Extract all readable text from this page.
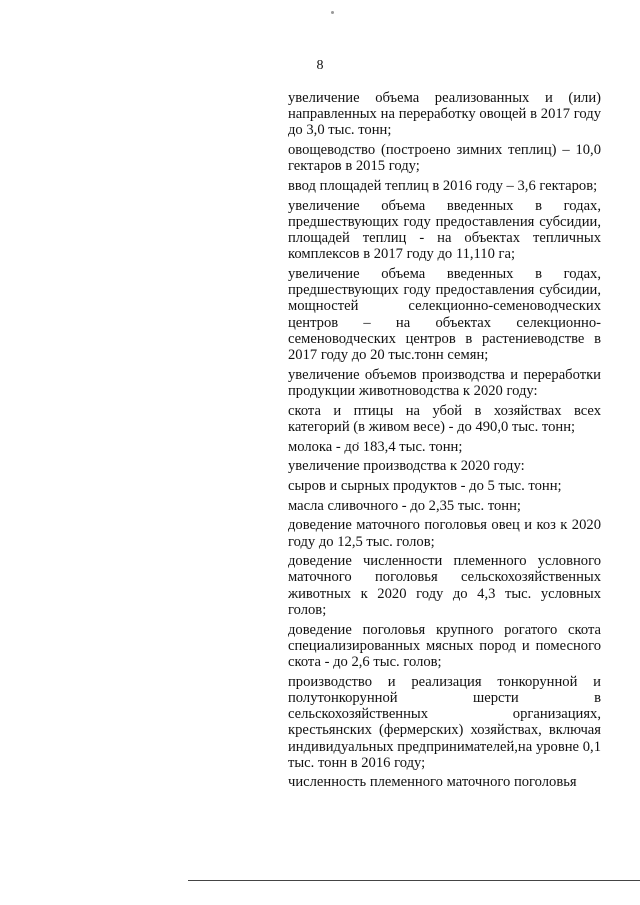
8

увеличение объема реализованных и (или) направленных на переработку овощей в 2017 году до 3,0 тыс. тонн;

овощеводство (построено зимних теплиц) – 10,0 гектаров в 2015 году;

ввод площадей теплиц в 2016 году – 3,6 гектаров;

увеличение объема введенных в годах, предшествующих году предоставления субсидии, площадей теплиц - на объектах тепличных комплексов в 2017 году до 11,110 га;

увеличение объема введенных в годах, предшествующих году предоставления субсидии, мощностей селекционно-семеноводческих центров – на объектах селекционно-семеноводческих центров в растениеводстве в 2017 году до 20 тыс.тонн семян;

увеличение объемов производства и переработки продукции животноводства к 2020 году:

скота и птицы на убой в хозяйствах всех категорий (в живом весе) - до 490,0 тыс. тонн;

молока - до 183,4 тыс. тонн;

увеличение производства к 2020 году:

сыров и сырных продуктов - до 5 тыс. тонн;

масла сливочного - до 2,35 тыс. тонн;

доведение маточного поголовья овец и коз к 2020 году до 12,5 тыс. голов;

доведение численности племенного условного маточного поголовья сельскохозяйственных животных к 2020 году до 4,3 тыс. условных голов;

доведение поголовья крупного рогатого скота специализированных мясных пород и помесного скота - до 2,6 тыс. голов;

производство и реализация тонкорунной и полутонкорунной шерсти в сельскохозяйственных организациях, крестьянских (фермерских) хозяйствах, включая индивидуальных предпринимателей,на уровне 0,1 тыс. тонн в 2016 году;

численность племенного маточного поголовья
